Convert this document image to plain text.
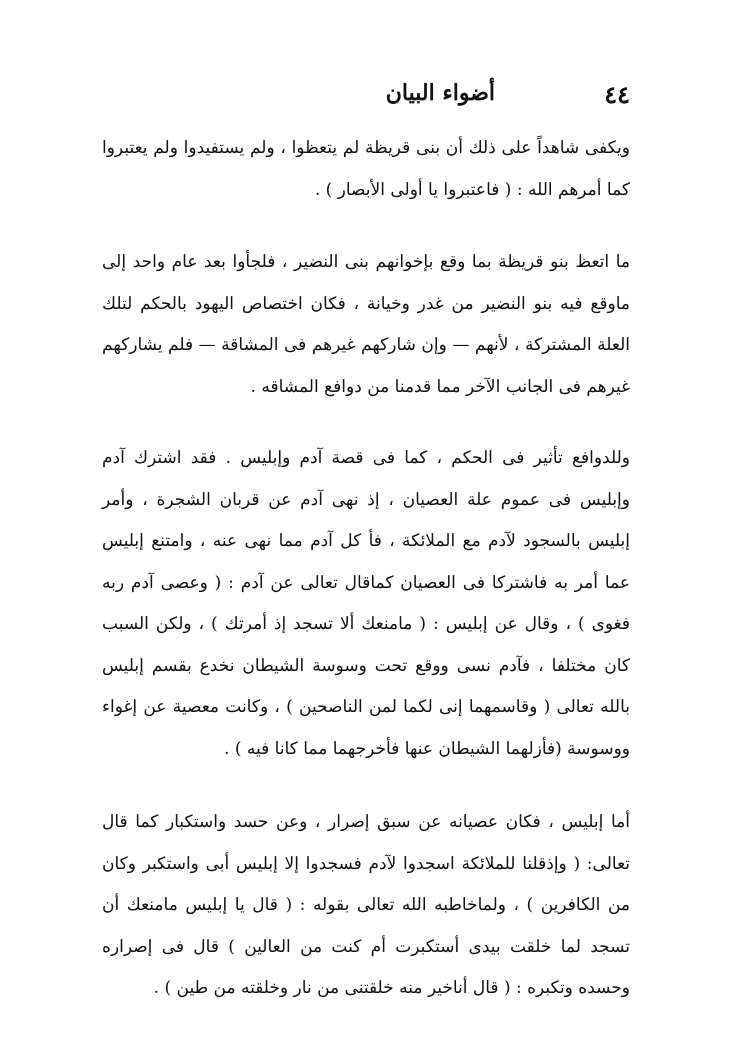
٤٤
أضواء البيان

ويكفى شاهداً على ذلك أن بنى قريظة لم يتعظوا ، ولم يستفيدوا ولم يعتبروا كما أمرهم الله : ( فاعتبروا يا أولى الأبصار ) .

ما اتعظ بنو قريظة بما وقع بإخوانهم بنى النضير ، فلجأوا بعد عام واحد إلى ماوقع فيه بنو النضير من غدر وخيانة ، فكان اختصاص اليهود بالحكم لتلك العلة المشتركة ، لأنهم — وإن شاركهم غيرهم فى المشاقة — فلم يشاركهم غيرهم فى الجانب الآخر مما قدمنا من دوافع المشاقه .

وللدوافع تأثير فى الحكم ، كما فى قصة آدم وإبليس . فقد اشترك آدم وإبليس فى عموم علة العصيان ، إذ نهى آدم عن قربان الشجرة ، وأمر إبليس بالسجود لآدم مع الملائكة ، فأ كل آدم مما نهى عنه ، وامتنع إبليس عما أمر به فاشتركا فى العصيان كماقال تعالى عن آدم : ( وعصى آدم ربه فغوى ) ، وقال عن إبليس : ( مامنعك ألا تسجد إذ أمرتك ) ، ولكن السبب كان مختلفا ، فآدم نسى ووقع تحت وسوسة الشيطان نخدع بقسم إبليس بالله تعالى ( وقاسمهما إنى لكما لمن الناصحين ) ، وكانت معصية عن إغواء ووسوسة (فأزلهما الشيطان عنها فأخرجهما مما كانا فيه ) .

أما إبليس ، فكان عصيانه عن سبق إصرار ، وعن حسد واستكبار كما قال تعالى: ( وإذقلنا للملائكة اسجدوا لآدم فسجدوا إلا إبليس أبى واستكبر وكان من الكافرين ) ، ولماخاطبه الله تعالى بقوله : ( قال يا إبليس مامنعك أن تسجد لما خلقت بيدى أستكبرت أم كنت من العالين ) قال فى إصراره وحسده وتكبره : ( قال أناخير منه خلقتنى من نار وخلقته من طين ) .
